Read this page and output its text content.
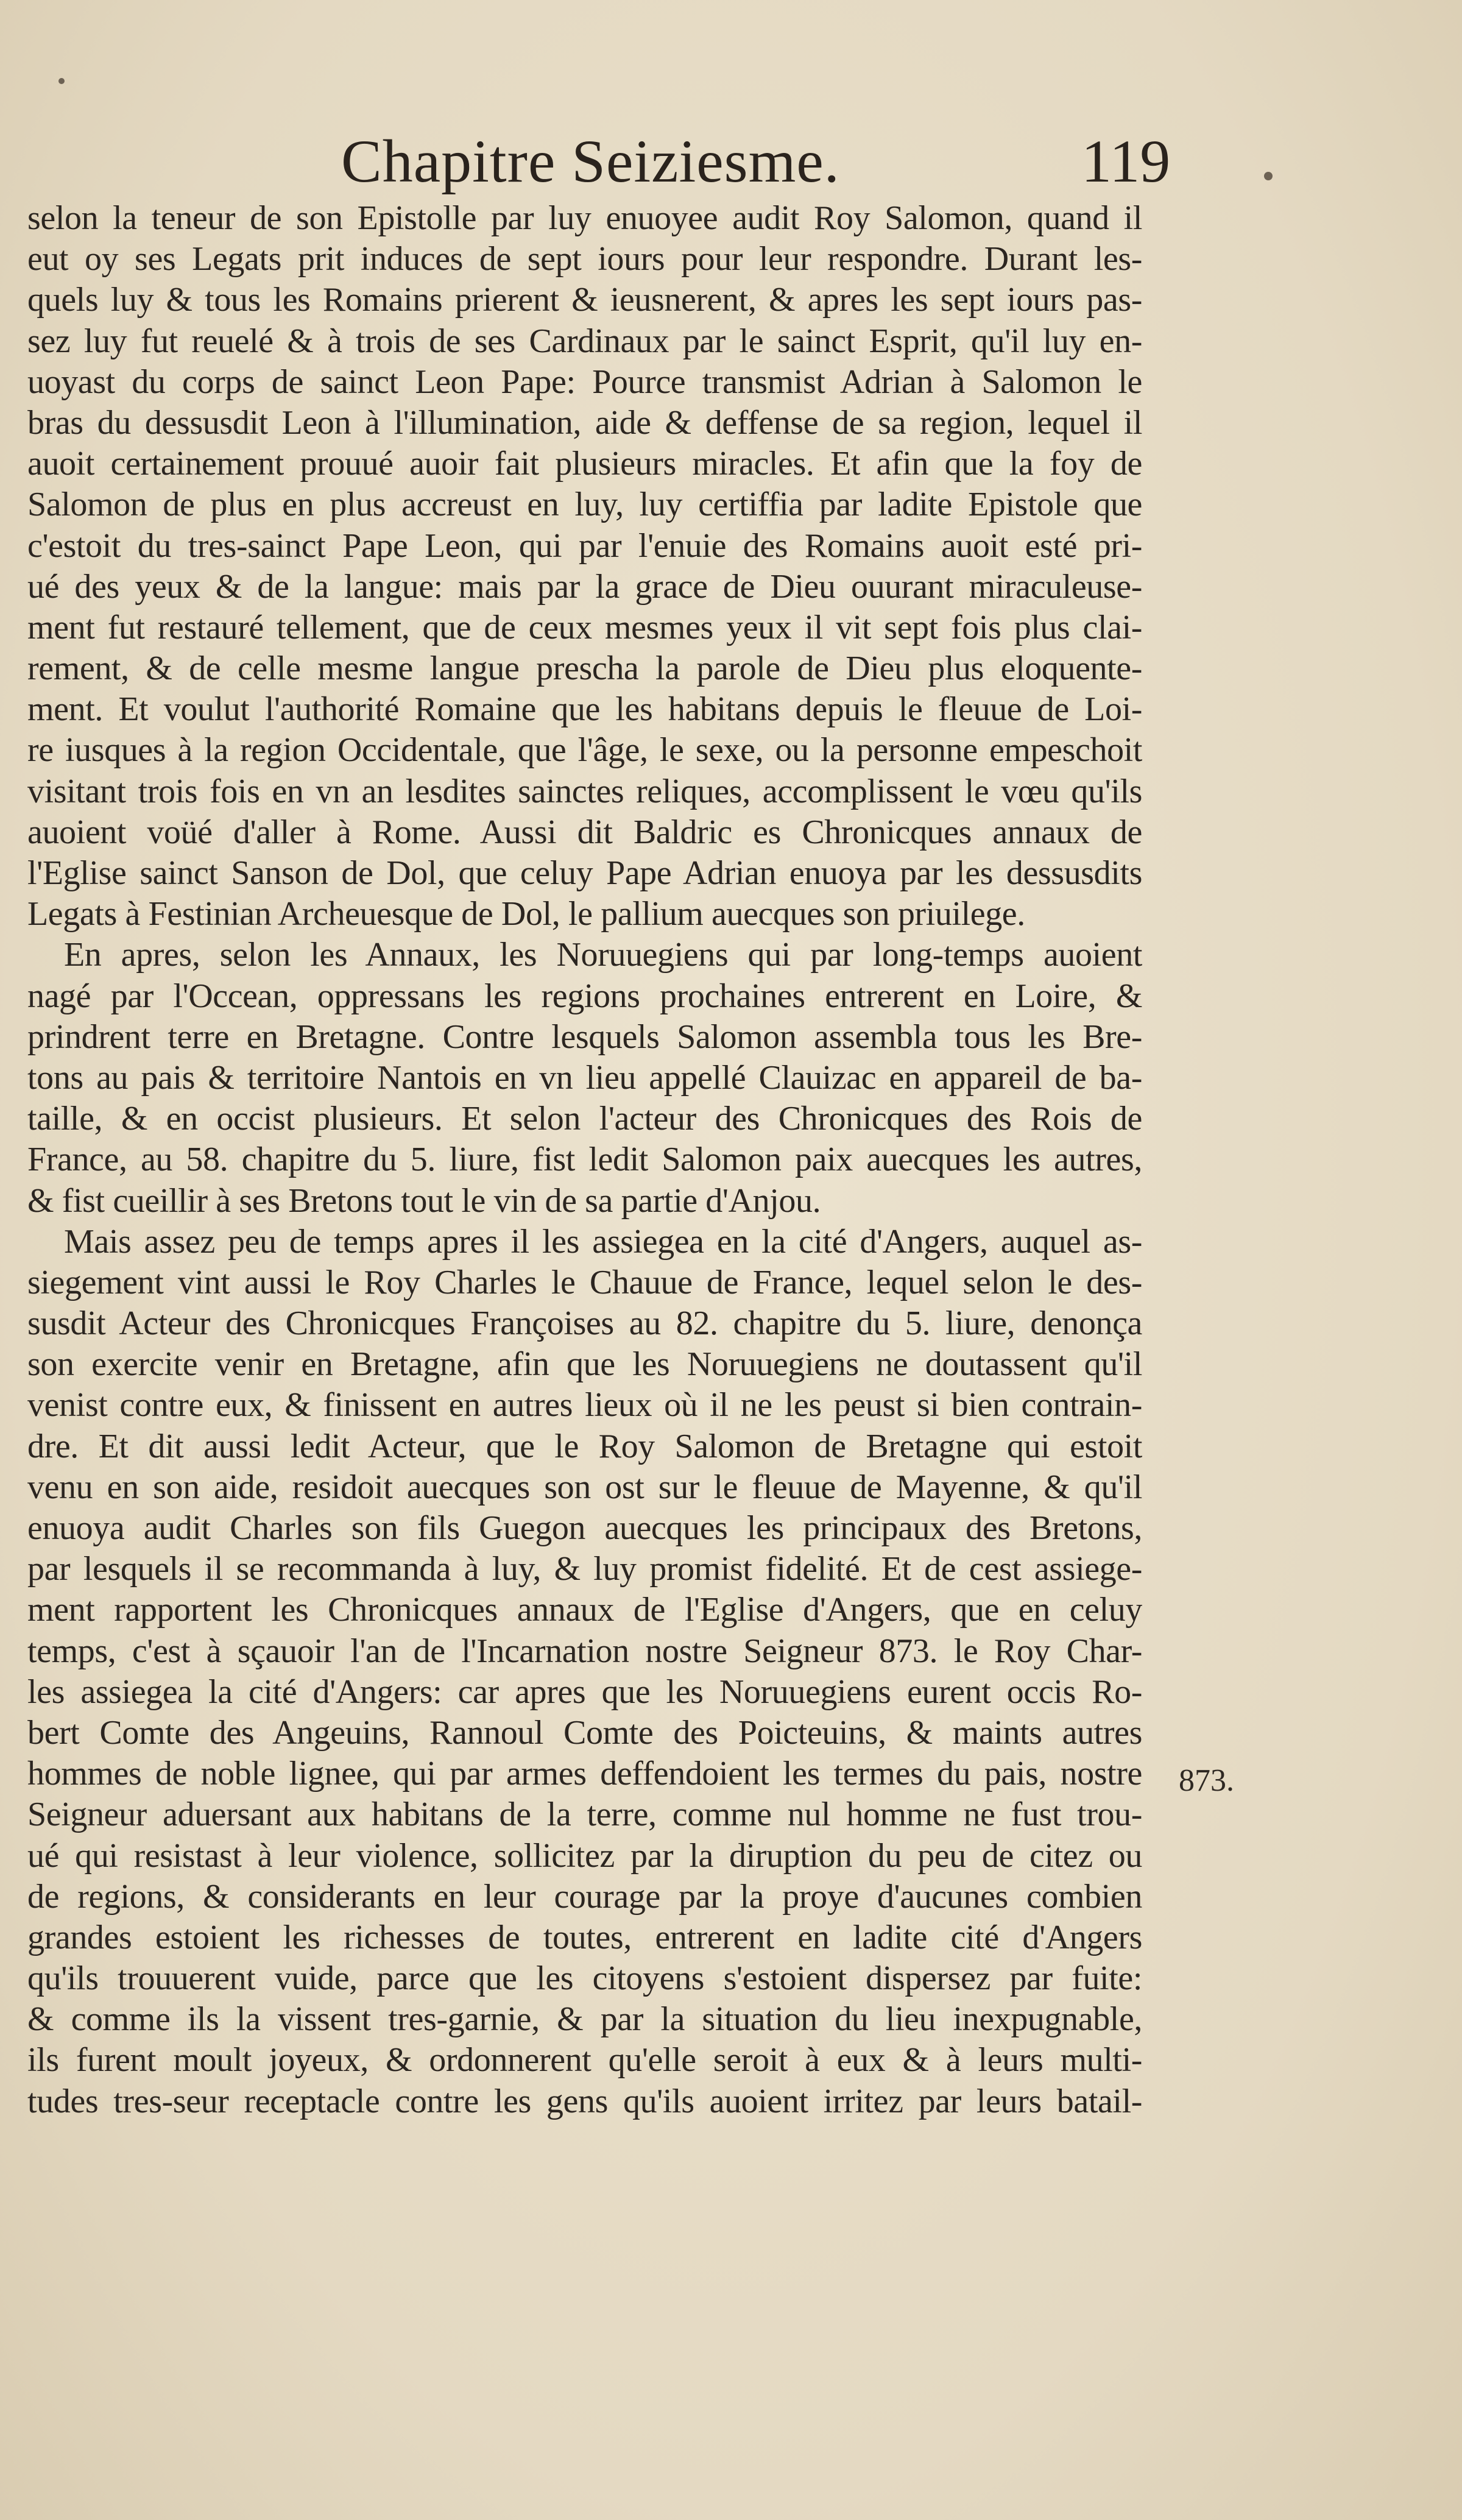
Chapitre Seiziesme.	119
selon la teneur de son Epistolle par luy enuoyee audit Roy Salomon, quand il
eut oy ses Legats prit induces de sept iours pour leur respondre. Durant les-
quels luy & tous les Romains prierent & ieusnerent, & apres les sept iours pas-
sez luy fut reuelé & à trois de ses Cardinaux par le sainct Esprit, qu'il luy en-
uoyast du corps de sainct Leon Pape: Pource transmist Adrian à Salomon le
bras du dessusdit Leon à l'illumination, aide & deffense de sa region, lequel il
auoit certainement prouué auoir fait plusieurs miracles. Et afin que la foy de
Salomon de plus en plus accreust en luy, luy certiffia par ladite Epistole que
c'estoit du tres-sainct Pape Leon, qui par l'enuie des Romains auoit esté pri-
ué des yeux & de la langue: mais par la grace de Dieu ouurant miraculeuse-
ment fut restauré tellement, que de ceux mesmes yeux il vit sept fois plus clai-
rement, & de celle mesme langue prescha la parole de Dieu plus eloquente-
ment. Et voulut l'authorité Romaine que les habitans depuis le fleuue de Loi-
re iusques à la region Occidentale, que l'âge, le sexe, ou la personne empeschoit
visitant trois fois en vn an lesdites sainctes reliques, accomplissent le vœu qu'ils
auoient voüé d'aller à Rome. Aussi dit Baldric es Chronicques annaux de
l'Eglise sainct Sanson de Dol, que celuy Pape Adrian enuoya par les dessusdits
Legats à Festinian Archeuesque de Dol, le pallium auecques son priuilege.
En apres, selon les Annaux, les Noruuegiens qui par long-temps auoient
nagé par l'Occean, oppressans les regions prochaines entrerent en Loire, &
prindrent terre en Bretagne. Contre lesquels Salomon assembla tous les Bre-
tons au pais & territoire Nantois en vn lieu appellé Clauizac en appareil de ba-
taille, & en occist plusieurs. Et selon l'acteur des Chronicques des Rois de
France, au 58. chapitre du 5. liure, fist ledit Salomon paix auecques les autres,
& fist cueillir à ses Bretons tout le vin de sa partie d'Anjou.
Mais assez peu de temps apres il les assiegea en la cité d'Angers, auquel as-
siegement vint aussi le Roy Charles le Chauue de France, lequel selon le des-
susdit Acteur des Chronicques Françoises au 82. chapitre du 5. liure, denonça
son exercite venir en Bretagne, afin que les Noruuegiens ne doutassent qu'il
venist contre eux, & finissent en autres lieux où il ne les peust si bien contrain-
dre. Et dit aussi ledit Acteur, que le Roy Salomon de Bretagne qui estoit
venu en son aide, residoit auecques son ost sur le fleuue de Mayenne, & qu'il
enuoya audit Charles son fils Guegon auecques les principaux des Bretons,
par lesquels il se recommanda à luy, & luy promist fidelité. Et de cest assiege-
ment rapportent les Chronicques annaux de l'Eglise d'Angers, que en celuy
temps, c'est à sçauoir l'an de l'Incarnation nostre Seigneur 873. le Roy Char-
les assiegea la cité d'Angers: car apres que les Noruuegiens eurent occis Ro-
bert Comte des Angeuins, Rannoul Comte des Poicteuins, & maints autres
hommes de noble lignee, qui par armes deffendoient les termes du pais, nostre
Seigneur aduersant aux habitans de la terre, comme nul homme ne fust trou-
ué qui resistast à leur violence, sollicitez par la diruption du peu de citez ou
de regions, & considerants en leur courage par la proye d'aucunes combien
grandes estoient les richesses de toutes, entrerent en ladite cité d'Angers
qu'ils trouuerent vuide, parce que les citoyens s'estoient dispersez par fuite:
& comme ils la vissent tres-garnie, & par la situation du lieu inexpugnable,
ils furent moult joyeux, & ordonnerent qu'elle seroit à eux & à leurs multi-
tudes tres-seur receptacle contre les gens qu'ils auoient irritez par leurs batail-
873.
